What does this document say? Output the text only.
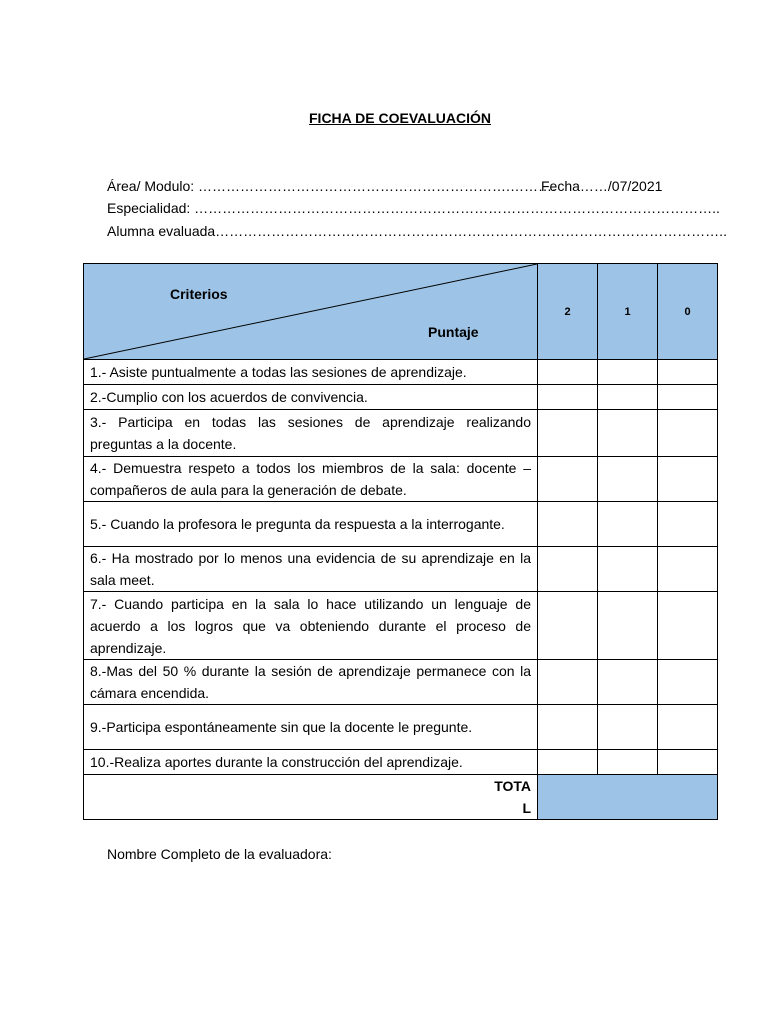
FICHA DE COEVALUACIÓN
Área/ Modulo: ………………………………………………………….……….
Fecha……/07/2021
Especialidad: …………………………………………………………………………………………………..
Alumna evaluada………………………………………………………………………………………………..
Criterios
Puntaje	2	1	0
1.- Asiste puntualmente a todas las sesiones de aprendizaje.			
2.-Cumplio con los acuerdos de convivencia.			
3.- Participa en todas las sesiones de aprendizaje realizando preguntas a la docente.			
4.- Demuestra respeto a todos los miembros de la sala: docente – compañeros de aula para la generación de debate.			
5.- Cuando la profesora le pregunta da respuesta a la interrogante.			
6.- Ha mostrado por lo menos una evidencia de su aprendizaje en la sala meet.			
7.- Cuando participa en la sala lo hace utilizando un lenguaje de acuerdo a los logros que va obteniendo durante el proceso de aprendizaje.			
8.-Mas del 50 % durante la sesión de aprendizaje permanece con la cámara encendida.			
9.-Participa espontáneamente sin que la docente le pregunte.			
10.-Realiza aportes durante la construcción del aprendizaje.			

TOTAL			

Nombre Completo de la evaluadora:
